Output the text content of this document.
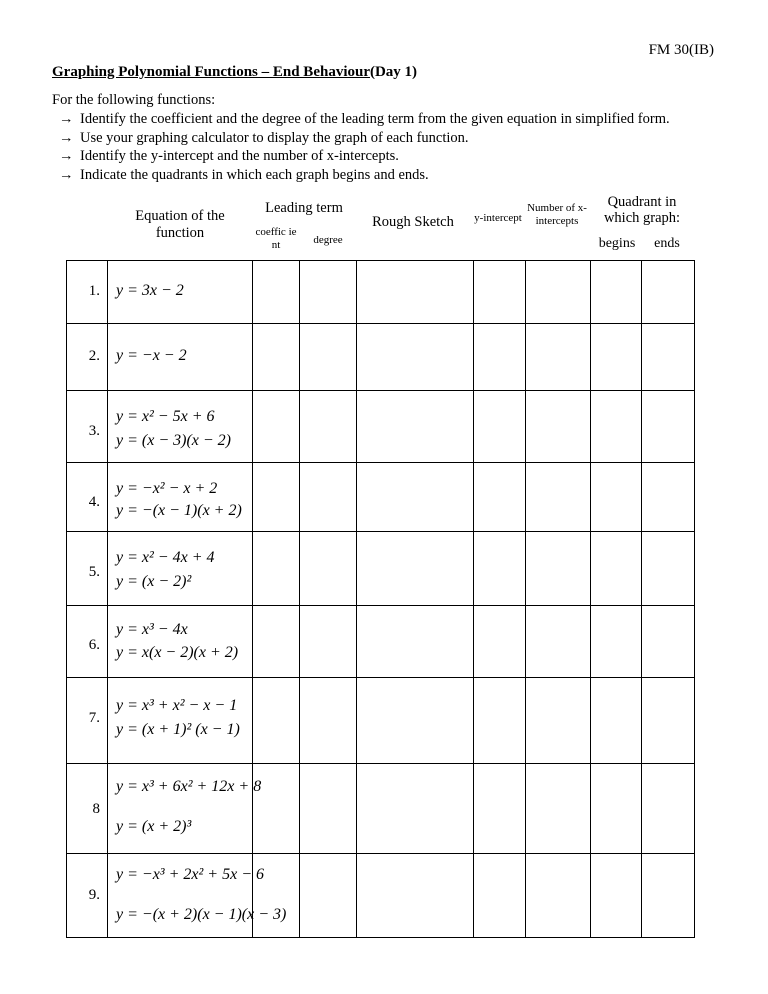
FM 30(IB)
Graphing Polynomial Functions – End Behaviour(Day 1)
For the following functions:
→ Identify the coefficient and the degree of the leading term from the given equation in simplified form.
→ Use your graphing calculator to display the graph of each function.
→ Identify the y-intercept and the number of x-intercepts.
→ Indicate the quadrants in which each graph begins and ends.
Equation of the function
Leading term
coeffic ient	degree
Rough Sketch	y-intercept
Number of x-intercepts
Quadrant in which graph:
begins	ends
1. y = 3x − 2
2. y = −x − 2
3.
y = x² − 5x + 6
y = (x − 3)(x − 2)
4.
y = −x² − x + 2
y = −(x − 1)(x + 2)
5.
y = x² − 4x + 4
y = (x − 2)²
6.
y = x³ − 4x
y = x(x − 2)(x + 2)
7.
y = x³ + x² − x − 1
y = (x + 1)² (x − 1)
8
y = x³ + 6x² + 12x + 8
y = (x + 2)³
9.
y = −x³ + 2x² + 5x − 6
y = −(x + 2)(x − 1)(x − 3)
